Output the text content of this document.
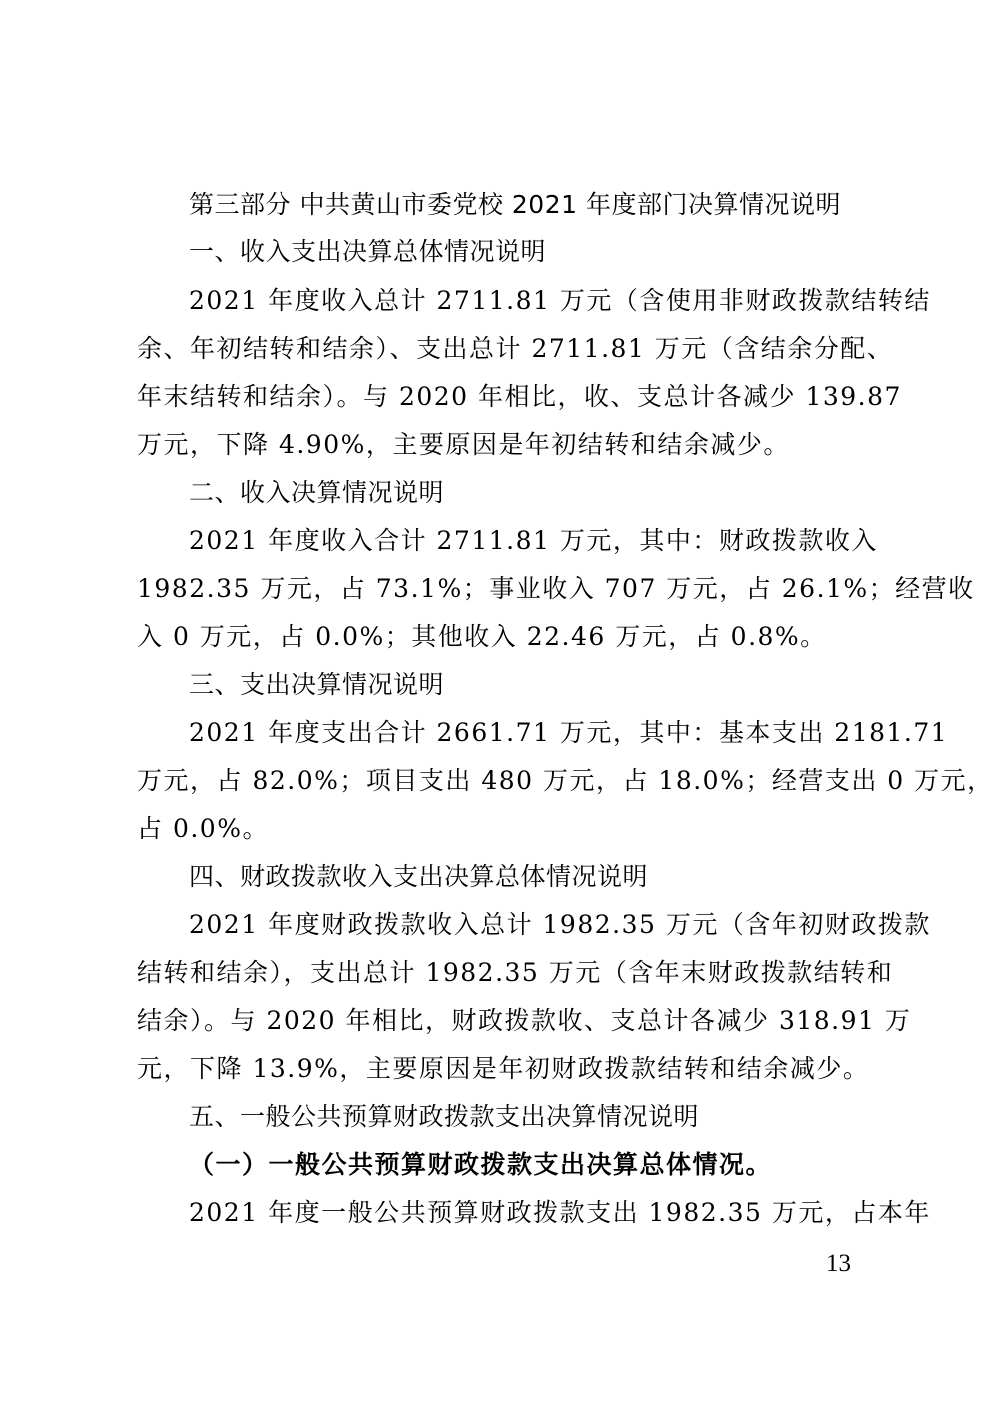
第三部分 中共黄山市委党校 2021 年度部门决算情况说明
一、收入支出决算总体情况说明
2021 年度收入总计 2711.81 万元（含使用非财政拨款结转结
余、年初结转和结余）、支出总计 2711.81 万元（含结余分配、
年末结转和结余）。与 2020 年相比，收、支总计各减少 139.87
万元，下降 4.90%，主要原因是年初结转和结余减少。
二、收入决算情况说明
2021 年度收入合计 2711.81 万元，其中：财政拨款收入
1982.35 万元，占 73.1%；事业收入 707 万元，占 26.1%；经营收
入 0 万元，占 0.0%；其他收入 22.46 万元，占 0.8%。
三、支出决算情况说明
2021 年度支出合计 2661.71 万元，其中：基本支出 2181.71
万元，占 82.0%；项目支出 480 万元，占 18.0%；经营支出 0 万元，
占 0.0%。
四、财政拨款收入支出决算总体情况说明
2021 年度财政拨款收入总计 1982.35 万元（含年初财政拨款
结转和结余），支出总计 1982.35 万元（含年末财政拨款结转和
结余）。与 2020 年相比，财政拨款收、支总计各减少 318.91 万
元，下降 13.9%，主要原因是年初财政拨款结转和结余减少。
五、一般公共预算财政拨款支出决算情况说明
（一）一般公共预算财政拨款支出决算总体情况。
2021 年度一般公共预算财政拨款支出 1982.35 万元，占本年
13
